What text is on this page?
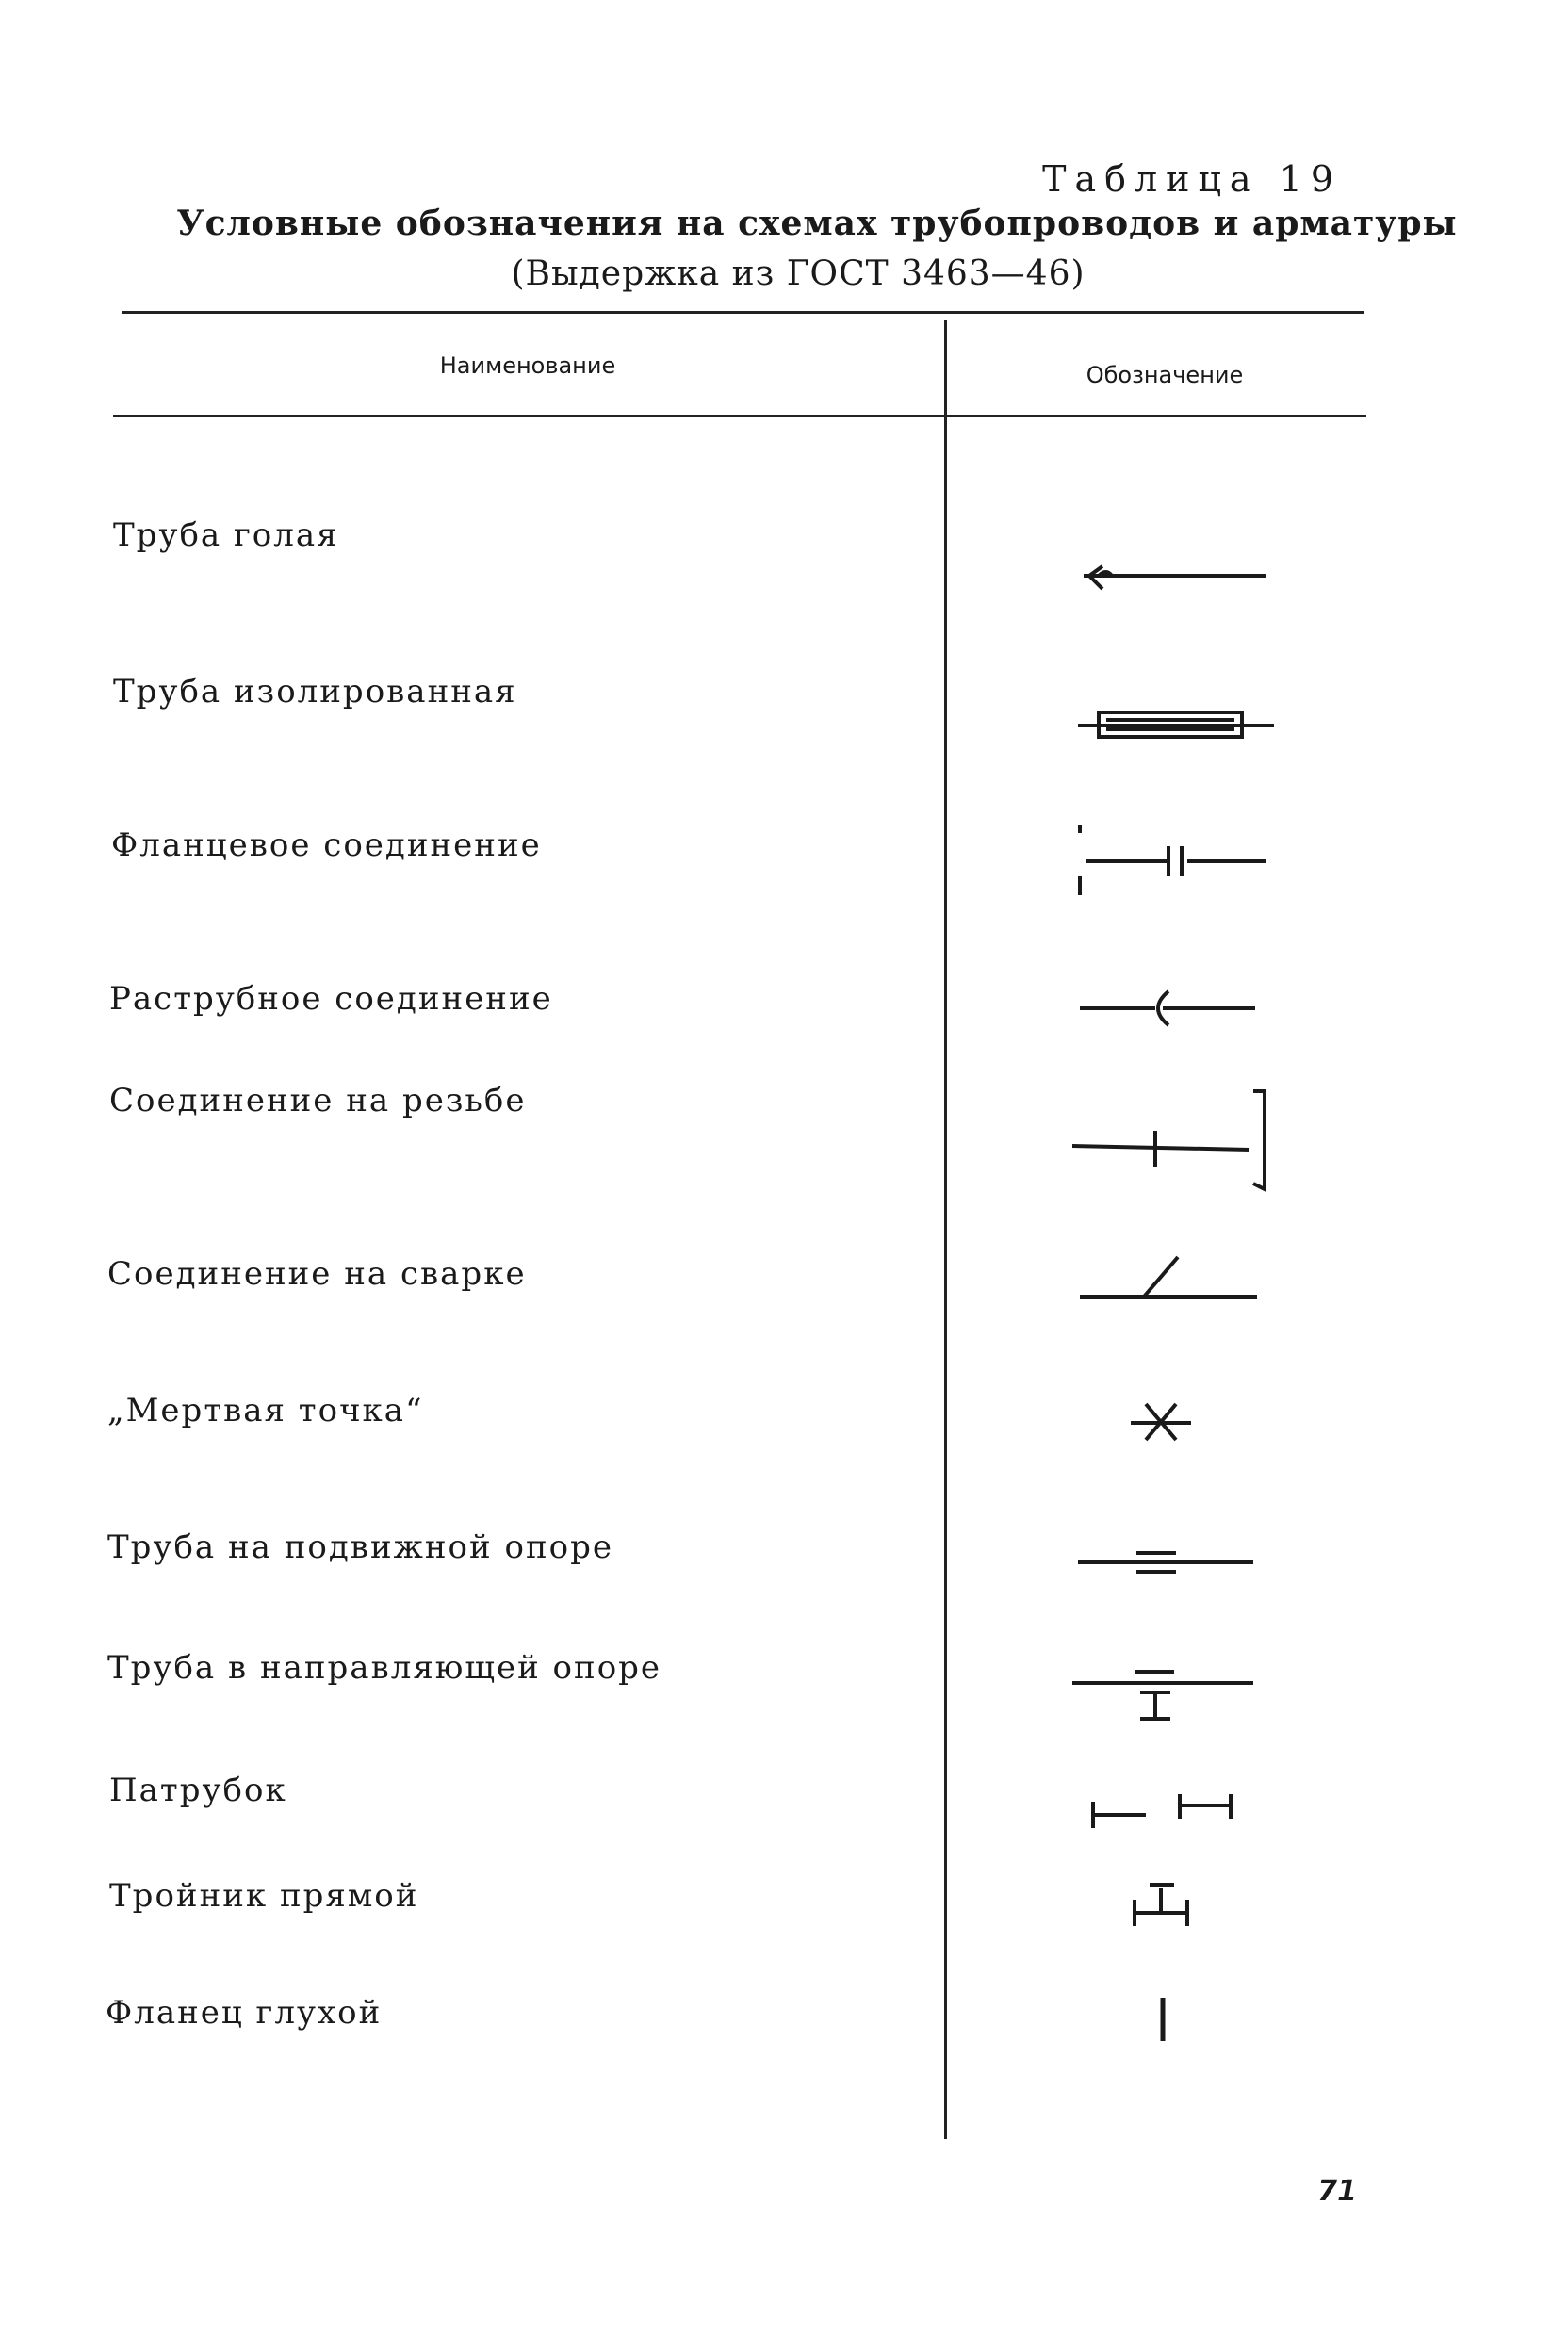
Таблица 19
Условные обозначения на схемах трубопроводов и арматуры
(Выдержка из ГОСТ 3463—46)
Наименование	Обозначение
Труба голая
Труба изолированная
Фланцевое соединение
Раструбное соединение
Соединение на резьбе
Соединение на сварке
„Мертвая точка“
Труба на подвижной опоре
Труба в направляющей опоре
Патрубок
Тройник прямой
Фланец глухой
71
